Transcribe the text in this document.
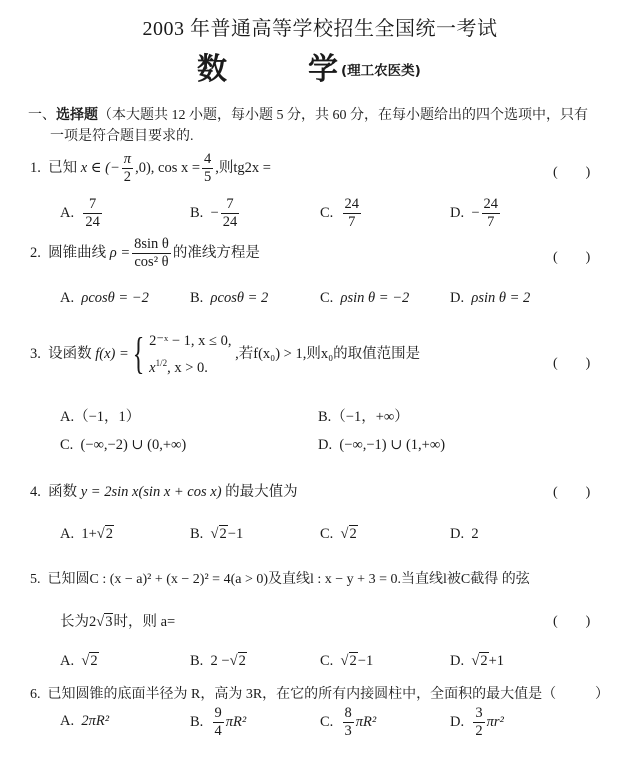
2003 年普通高等学校招生全国统一考试
数	学 (理工农医类)
一、选择题（本大题共 12 小题，每小题 5 分，共 60 分，在每小题给出的四个选项中，只有
一项是符合题目要求的.
1. 已知 x ∈ (− $\frac{\pi}{2} ,0$), $\cos x = \frac{4}{5}$ ,则tg2x =	(　　)
A. $\frac{7}{24}$	B. − $\frac{7}{24}$	C. $\frac{24}{7}$	D. − $\frac{24}{7}$
2. 圆锥曲线 $\rho = \frac{\text{8sin θ}}{\text{cos² θ}}$ 的准线方程是	(　　)
A. ρcosθ = −2	B. ρcosθ = 2	C. ρsin θ = −2	D. ρsin θ = 2
3. 设函数 f(x) = { 2⁻ˣ − 1, x ≤ 0,
$x^{1/2}$, x > 0.
,若f(x₀) > 1,则x₀的取值范围是
(　　)
A.（−1，1）	B.（−1，+∞）
C. (−∞,−2) ∪ (0,+∞)	D. (−∞,−1) ∪ (1,+∞)
4. 函数 y = 2sin x(sin x + cos x) 的最大值为	(　　)
A. 1+√2	B. √2−1	C. √2	D. 2
5. 已知圆C : (x − a)² + (x − 2)² = 4(a > 0)及直线l : x − y + 3 = 0.当直线l被C截得 的弦
长为2√3时，则 a=	(　　)
A. √2	B. 2 −√2	C. √2−1	D. √2+1
6. 已知圆锥的底面半径为 R，高为 3R，在它的所有内接圆柱中，全面积的最大值是（	）
A. 2πR²	B. $\frac{9}{4} \pi R^2$	C. $\frac{8}{3} \pi R^2$	D. $\frac{3}{2} \pi r^2$
